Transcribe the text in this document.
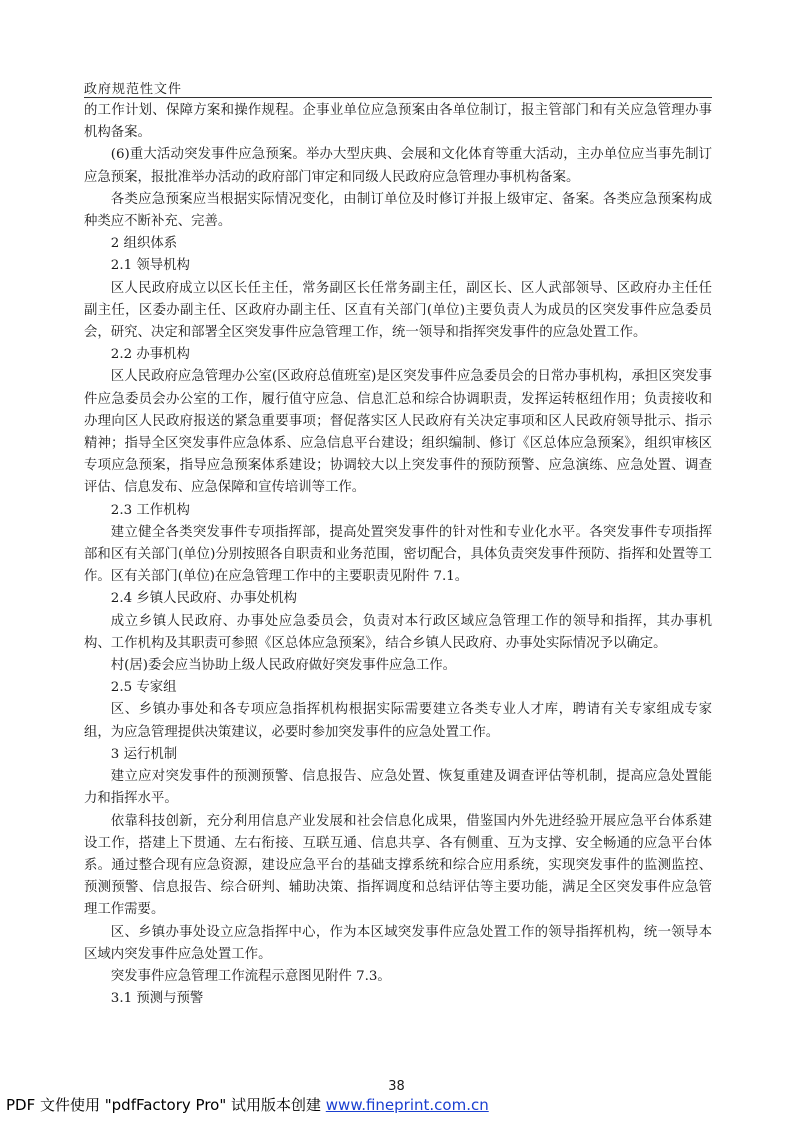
政府规范性文件

的工作计划、保障方案和操作规程。企事业单位应急预案由各单位制订，报主管部门和有关应急管理办事机构备案。

(6)重大活动突发事件应急预案。举办大型庆典、会展和文化体育等重大活动，主办单位应当事先制订应急预案，报批准举办活动的政府部门审定和同级人民政府应急管理办事机构备案。

各类应急预案应当根据实际情况变化，由制订单位及时修订并报上级审定、备案。各类应急预案构成种类应不断补充、完善。

2 组织体系

2.1 领导机构

区人民政府成立以区长任主任，常务副区长任常务副主任，副区长、区人武部领导、区政府办主任任副主任，区委办副主任、区政府办副主任、区直有关部门(单位)主要负责人为成员的区突发事件应急委员会，研究、决定和部署全区突发事件应急管理工作，统一领导和指挥突发事件的应急处置工作。

2.2 办事机构

区人民政府应急管理办公室(区政府总值班室)是区突发事件应急委员会的日常办事机构，承担区突发事件应急委员会办公室的工作，履行值守应急、信息汇总和综合协调职责，发挥运转枢纽作用；负责接收和办理向区人民政府报送的紧急重要事项；督促落实区人民政府有关决定事项和区人民政府领导批示、指示精神；指导全区突发事件应急体系、应急信息平台建设；组织编制、修订《区总体应急预案》，组织审核区专项应急预案，指导应急预案体系建设；协调较大以上突发事件的预防预警、应急演练、应急处置、调查评估、信息发布、应急保障和宣传培训等工作。

2.3 工作机构

建立健全各类突发事件专项指挥部，提高处置突发事件的针对性和专业化水平。各突发事件专项指挥部和区有关部门(单位)分别按照各自职责和业务范围，密切配合，具体负责突发事件预防、指挥和处置等工作。区有关部门(单位)在应急管理工作中的主要职责见附件 7.1。

2.4 乡镇人民政府、办事处机构

成立乡镇人民政府、办事处应急委员会，负责对本行政区域应急管理工作的领导和指挥，其办事机构、工作机构及其职责可参照《区总体应急预案》，结合乡镇人民政府、办事处实际情况予以确定。

村(居)委会应当协助上级人民政府做好突发事件应急工作。

2.5 专家组

区、乡镇办事处和各专项应急指挥机构根据实际需要建立各类专业人才库，聘请有关专家组成专家组，为应急管理提供决策建议，必要时参加突发事件的应急处置工作。

3 运行机制

建立应对突发事件的预测预警、信息报告、应急处置、恢复重建及调查评估等机制，提高应急处置能力和指挥水平。

依靠科技创新，充分利用信息产业发展和社会信息化成果，借鉴国内外先进经验开展应急平台体系建设工作，搭建上下贯通、左右衔接、互联互通、信息共享、各有侧重、互为支撑、安全畅通的应急平台体系。通过整合现有应急资源，建设应急平台的基础支撑系统和综合应用系统，实现突发事件的监测监控、预测预警、信息报告、综合研判、辅助决策、指挥调度和总结评估等主要功能，满足全区突发事件应急管理工作需要。

区、乡镇办事处设立应急指挥中心，作为本区域突发事件应急处置工作的领导指挥机构，统一领导本区域内突发事件应急处置工作。

突发事件应急管理工作流程示意图见附件 7.3。

3.1 预测与预警

38
PDF 文件使用 "pdfFactory Pro" 试用版本创建 www.fineprint.com.cn
